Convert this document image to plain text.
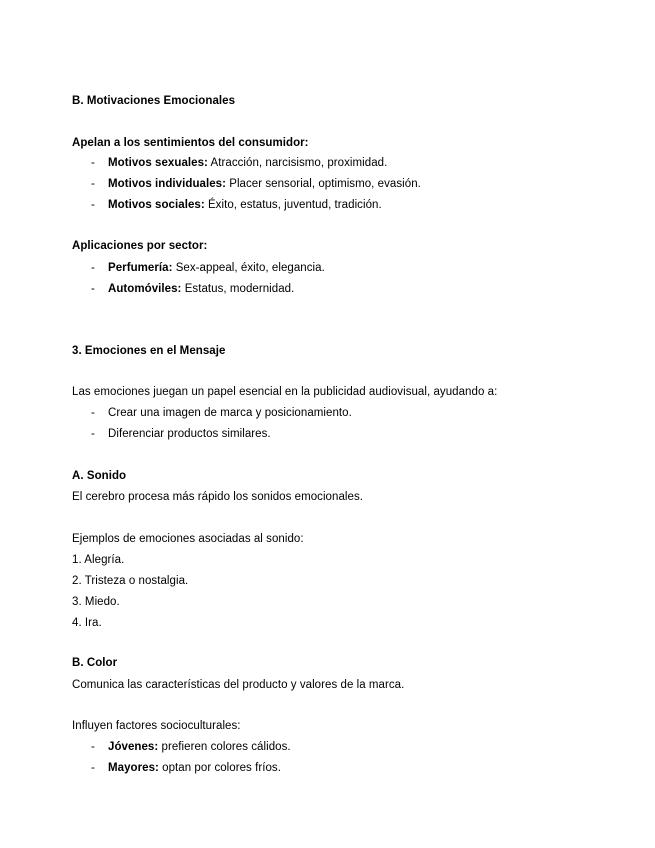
B. Motivaciones Emocionales
Apelan a los sentimientos del consumidor:
- Motivos sexuales: Atracción, narcisismo, proximidad.
- Motivos individuales: Placer sensorial, optimismo, evasión.
- Motivos sociales: Éxito, estatus, juventud, tradición.
Aplicaciones por sector:
- Perfumería: Sex-appeal, éxito, elegancia.
- Automóviles: Estatus, modernidad.
3. Emociones en el Mensaje
Las emociones juegan un papel esencial en la publicidad audiovisual, ayudando a:
- Crear una imagen de marca y posicionamiento.
- Diferenciar productos similares.
A. Sonido
El cerebro procesa más rápido los sonidos emocionales.
Ejemplos de emociones asociadas al sonido:
1. Alegría.
2. Tristeza o nostalgia.
3. Miedo.
4. Ira.
B. Color
Comunica las características del producto y valores de la marca.
Influyen factores socioculturales:
- Jóvenes: prefieren colores cálidos.
- Mayores: optan por colores fríos.
